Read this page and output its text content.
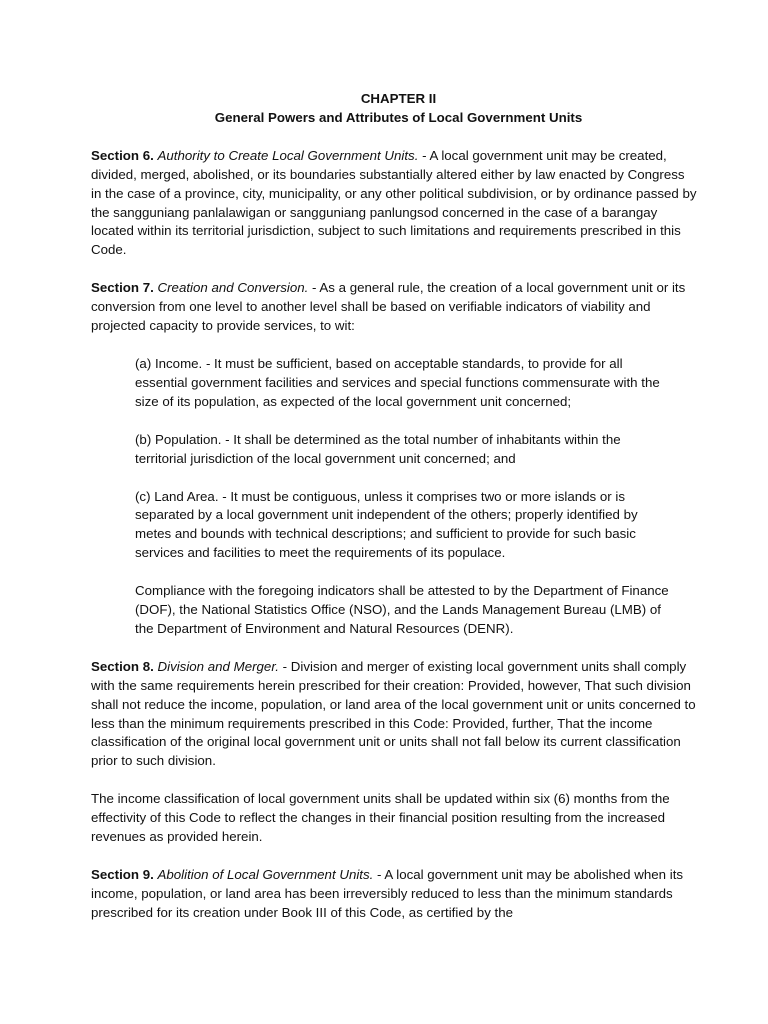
CHAPTER II

General Powers and Attributes of Local Government Units

Section 6. Authority to Create Local Government Units. - A local government unit may be created, divided, merged, abolished, or its boundaries substantially altered either by law enacted by Congress in the case of a province, city, municipality, or any other political subdivision, or by ordinance passed by the sangguniang panlalawigan or sangguniang panlungsod concerned in the case of a barangay located within its territorial jurisdiction, subject to such limitations and requirements prescribed in this Code.

Section 7. Creation and Conversion. - As a general rule, the creation of a local government unit or its conversion from one level to another level shall be based on verifiable indicators of viability and projected capacity to provide services, to wit:

(a) Income. - It must be sufficient, based on acceptable standards, to provide for all essential government facilities and services and special functions commensurate with the size of its population, as expected of the local government unit concerned;

(b) Population. - It shall be determined as the total number of inhabitants within the territorial jurisdiction of the local government unit concerned; and

(c) Land Area. - It must be contiguous, unless it comprises two or more islands or is separated by a local government unit independent of the others; properly identified by metes and bounds with technical descriptions; and sufficient to provide for such basic services and facilities to meet the requirements of its populace.

Compliance with the foregoing indicators shall be attested to by the Department of Finance (DOF), the National Statistics Office (NSO), and the Lands Management Bureau (LMB) of the Department of Environment and Natural Resources (DENR).

Section 8. Division and Merger. - Division and merger of existing local government units shall comply with the same requirements herein prescribed for their creation: Provided, however, That such division shall not reduce the income, population, or land area of the local government unit or units concerned to less than the minimum requirements prescribed in this Code: Provided, further, That the income classification of the original local government unit or units shall not fall below its current classification prior to such division.

The income classification of local government units shall be updated within six (6) months from the effectivity of this Code to reflect the changes in their financial position resulting from the increased revenues as provided herein.

Section 9. Abolition of Local Government Units. - A local government unit may be abolished when its income, population, or land area has been irreversibly reduced to less than the minimum standards prescribed for its creation under Book III of this Code, as certified by the
